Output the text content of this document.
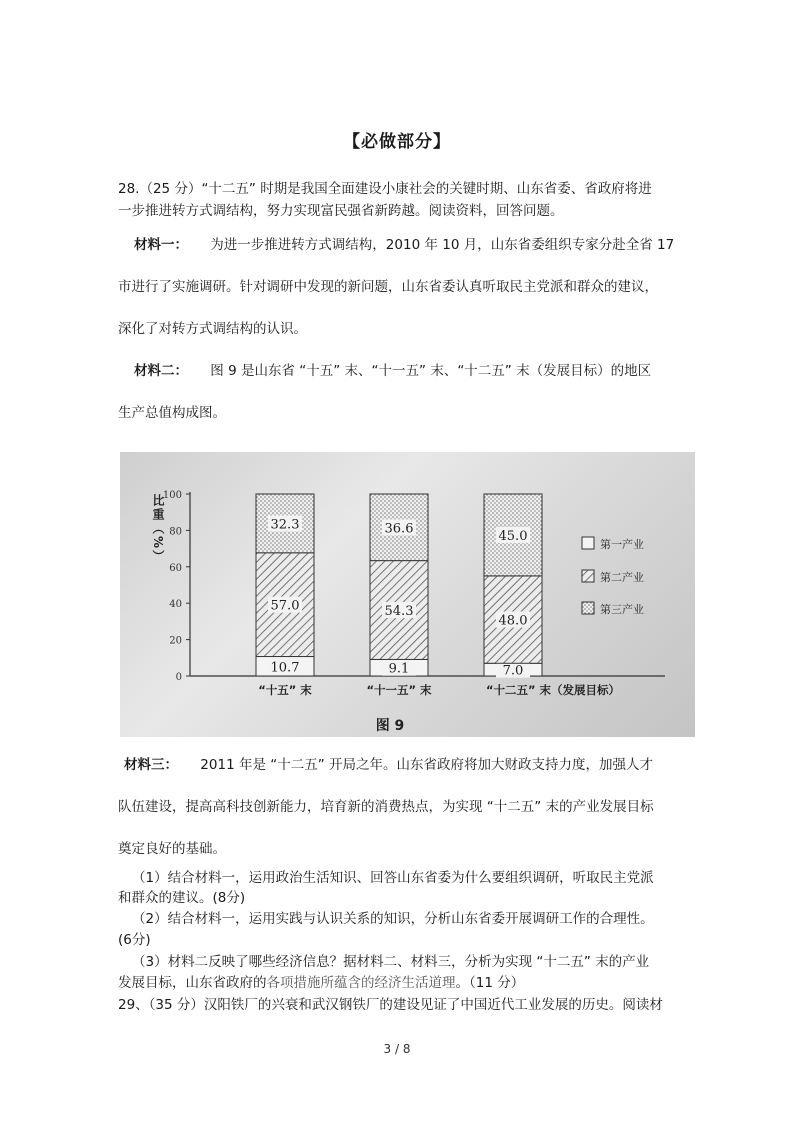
【必做部分】
28.（25 分）“十二五” 时期是我国全面建设小康社会的关键时期、山东省委、省政府将进
一步推进转方式调结构，努力实现富民强省新跨越。阅读资料，回答问题。
材料一： 为进一步推进转方式调结构，2010 年 10 月，山东省委组织专家分赴全省 17
市进行了实施调研。针对调研中发现的新问题，山东省委认真听取民主党派和群众的建议，
深化了对转方式调结构的认识。
材料二： 图 9 是山东省 “十五” 末、“十一五” 末、“十二五” 末（发展目标）的地区
生产总值构成图。
0
20
40
60
80
100
比重（%）
10.7
57.0
32.3
“十五” 末
9.1
54.3
36.6
“十一五” 末
7.0
48.0
45.0
“十二五” 末（发展目标）
第一产业
第二产业
第三产业
图 9
材料三： 2011 年是 “十二五” 开局之年。山东省政府将加大财政支持力度，加强人才
队伍建设，提高高科技创新能力，培育新的消费热点，为实现 “十二五” 末的产业发展目标
奠定良好的基础。
（1）结合材料一，运用政治生活知识、回答山东省委为什么要组织调研，听取民主党派
和群众的建议。(8分)
（2）结合材料一，运用实践与认识关系的知识，分析山东省委开展调研工作的合理性。
(6分)
（3）材料二反映了哪些经济信息？据材料二、材料三，分析为实现 “十二五” 末的产业
发展目标，山东省政府的各项措施所蕴含的经济生活道理。（11 分）
29、（35 分）汉阳铁厂的兴衰和武汉钢铁厂的建设见证了中国近代工业发展的历史。阅读材
3 / 8
